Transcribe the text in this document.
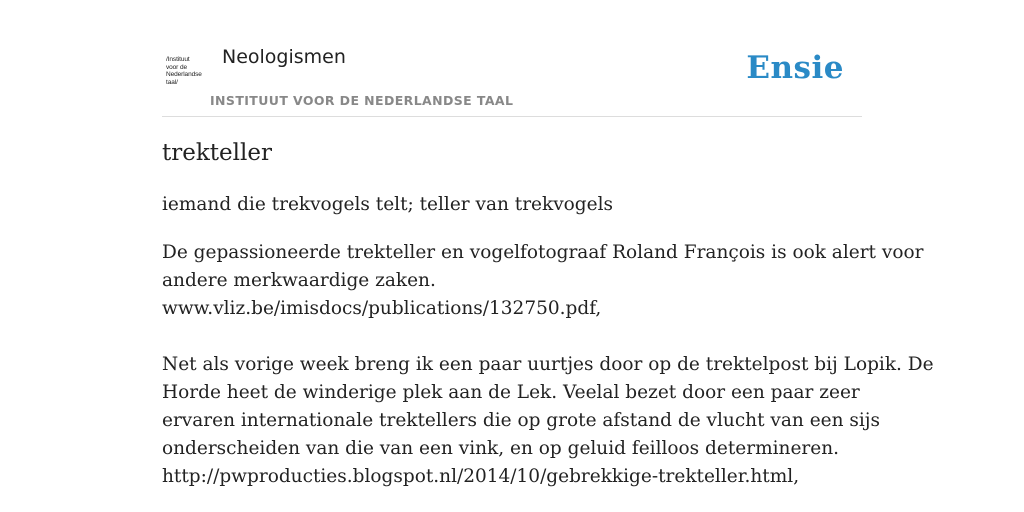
/Instituut
voor de
Nederlandse
taal/
Neologismen
INSTITUUT VOOR DE NEDERLANDSE TAAL
Ensie
trekteller
iemand die trekvogels telt; teller van trekvogels
De gepassioneerde trekteller en vogelfotograaf Roland François is ook alert voor
andere merkwaardige zaken.
www.vliz.be/imisdocs/publications/132750.pdf,
Net als vorige week breng ik een paar uurtjes door op de trektelpost bij Lopik. De
Horde heet de winderige plek aan de Lek. Veelal bezet door een paar zeer
ervaren internationale trektellers die op grote afstand de vlucht van een sijs
onderscheiden van die van een vink, en op geluid feilloos determineren.
http://pwproducties.blogspot.nl/2014/10/gebrekkige-trekteller.html,
